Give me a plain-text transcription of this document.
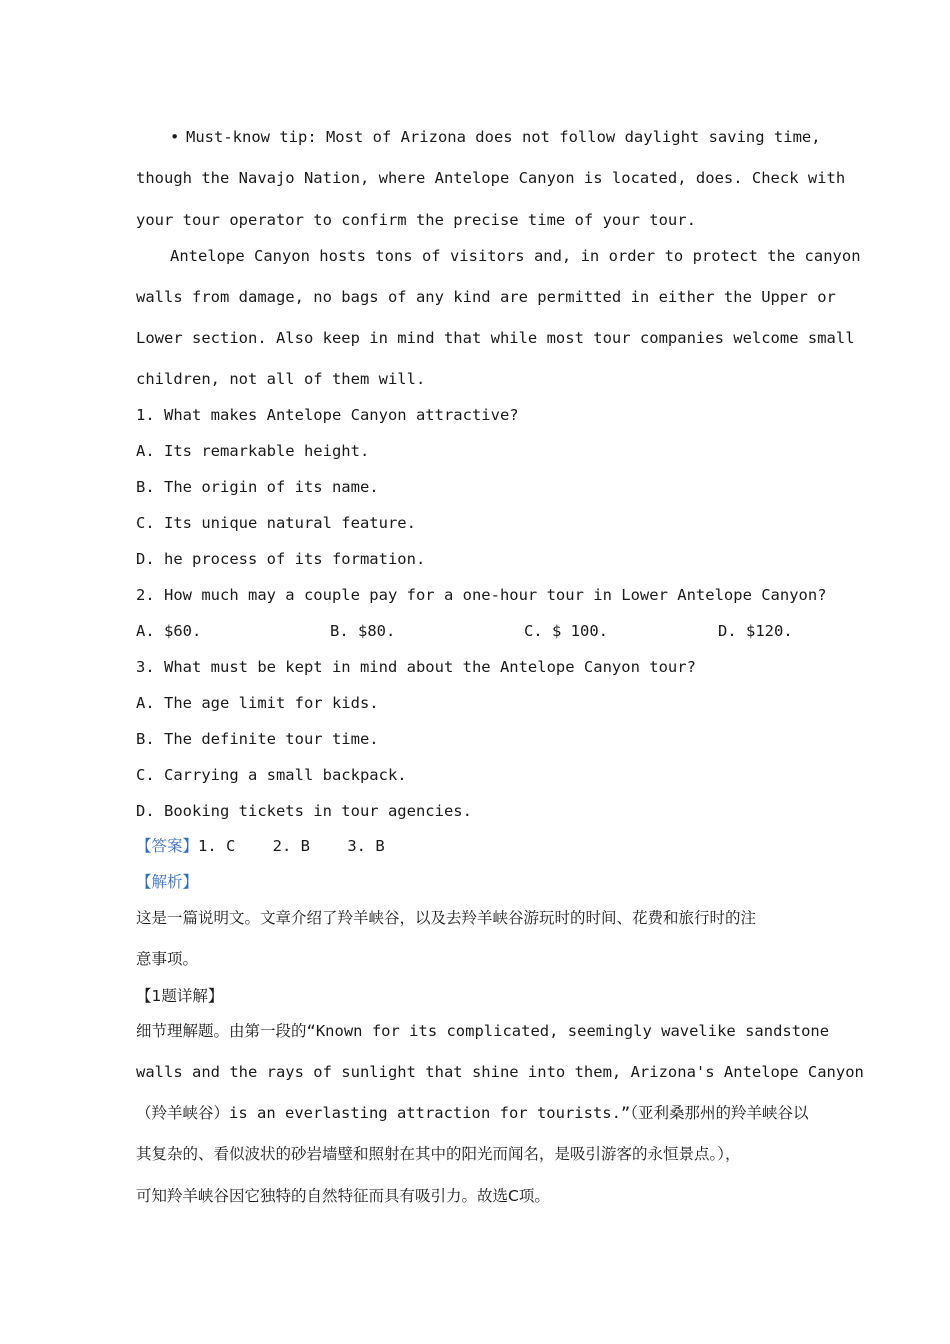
• Must-know tip: Most of Arizona does not follow daylight saving time,
though the Navajo Nation, where Antelope Canyon is located, does. Check with
your tour operator to confirm the precise time of your tour.
Antelope Canyon hosts tons of visitors and, in order to protect the canyon
walls from damage, no bags of any kind are permitted in either the Upper or
Lower section. Also keep in mind that while most tour companies welcome small
children, not all of them will.
1. What makes Antelope Canyon attractive?
A. Its remarkable height.
B. The origin of its name.
C. Its unique natural feature.
D. he process of its formation.
2. How much may a couple pay for a one-hour tour in Lower Antelope Canyon?
A. $60.	B. $80.	C. $ 100.	D. $120.
3. What must be kept in mind about the Antelope Canyon tour?
A. The age limit for kids.
B. The definite tour time.
C. Carrying a small backpack.
D. Booking tickets in tour agencies.
【答案】1. C    2. B    3. B
【解析】
这是一篇说明文。文章介绍了羚羊峡谷，以及去羚羊峡谷游玩时的时间、花费和旅行时的注
意事项。
【1题详解】
细节理解题。由第一段的“Known for its complicated, seemingly wavelike sandstone
walls and the rays of sunlight that shine into them, Arizona's Antelope Canyon
（羚羊峡谷）is an everlasting attraction for tourists.”（亚利桑那州的羚羊峡谷以
其复杂的、看似波状的砂岩墙壁和照射在其中的阳光而闻名，是吸引游客的永恒景点。），
可知羚羊峡谷因它独特的自然特征而具有吸引力。故选C项。
